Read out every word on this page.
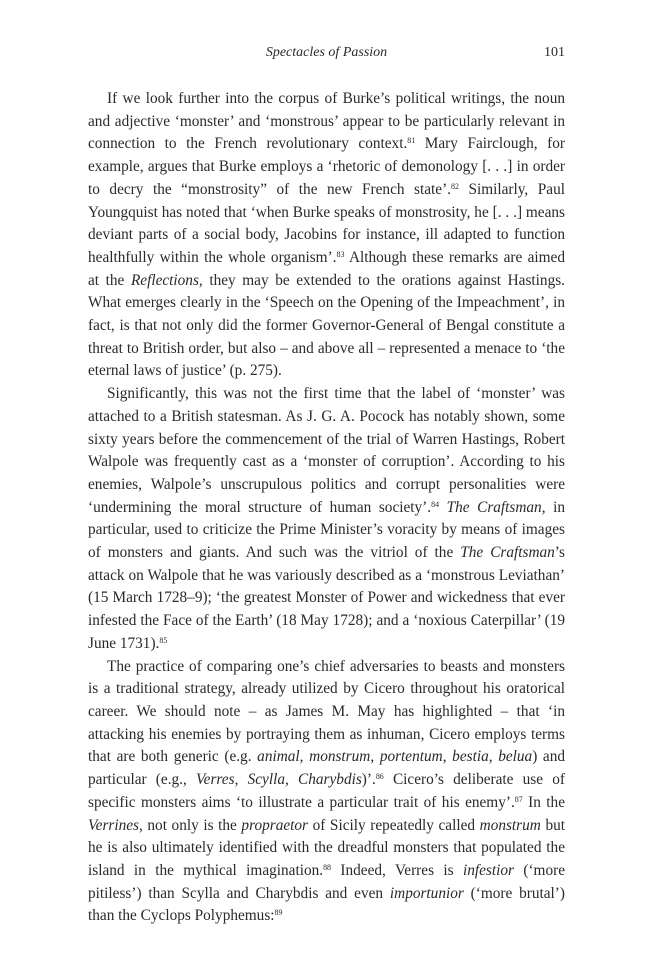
Spectacles of Passion	101

If we look further into the corpus of Burke’s political writings, the noun and adjective ‘monster’ and ‘monstrous’ appear to be particularly relevant in connection to the French revolutionary context.$^{81}$ Mary Fairclough, for example, argues that Burke employs a ‘rhetoric of demonology [. . .] in order to decry the “monstrosity” of the new French state’.$^{82}$ Similarly, Paul Youngquist has noted that ‘when Burke speaks of monstrosity, he [. . .] means deviant parts of a social body, Jacobins for instance, ill adapted to function healthfully within the whole organism’.$^{83}$ Although these remarks are aimed at the Reflections, they may be extended to the orations against Hastings. What emerges clearly in the ‘Speech on the Opening of the Impeachment’, in fact, is that not only did the former Governor-General of Bengal constitute a threat to British order, but also – and above all – represented a menace to ‘the eternal laws of justice’ (p. 275).

Significantly, this was not the first time that the label of ‘monster’ was attached to a British statesman. As J. G. A. Pocock has notably shown, some sixty years before the commencement of the trial of Warren Hastings, Robert Walpole was frequently cast as a ‘monster of corruption’. According to his enemies, Walpole’s unscrupulous politics and corrupt personalities were ‘undermining the moral structure of human society’.$^{84}$ The Craftsman, in particular, used to criticize the Prime Minister’s voracity by means of images of monsters and giants. And such was the vitriol of the The Craftsman’s attack on Walpole that he was variously described as a ‘monstrous Leviathan’ (15 March 1728–9); ‘the greatest Monster of Power and wickedness that ever infested the Face of the Earth’ (18 May 1728); and a ‘noxious Caterpillar’ (19 June 1731).$^{85}$

The practice of comparing one’s chief adversaries to beasts and monsters is a traditional strategy, already utilized by Cicero throughout his oratorical career. We should note – as James M. May has highlighted – that ‘in attacking his enemies by portraying them as inhuman, Cicero employs terms that are both generic (e.g. animal, monstrum, portentum, bestia, belua) and particular (e.g., Verres, Scylla, Charybdis)’.$^{86}$ Cicero’s deliberate use of specific monsters aims ‘to illustrate a particular trait of his enemy’.$^{87}$ In the Verrines, not only is the propraetor of Sicily repeatedly called monstrum but he is also ultimately identified with the dreadful monsters that populated the island in the mythical imagination.$^{88}$ Indeed, Verres is infestior (‘more pitiless’) than Scylla and Charybdis and even importunior (‘more brutal’) than the Cyclops Polyphemus:$^{89}$
